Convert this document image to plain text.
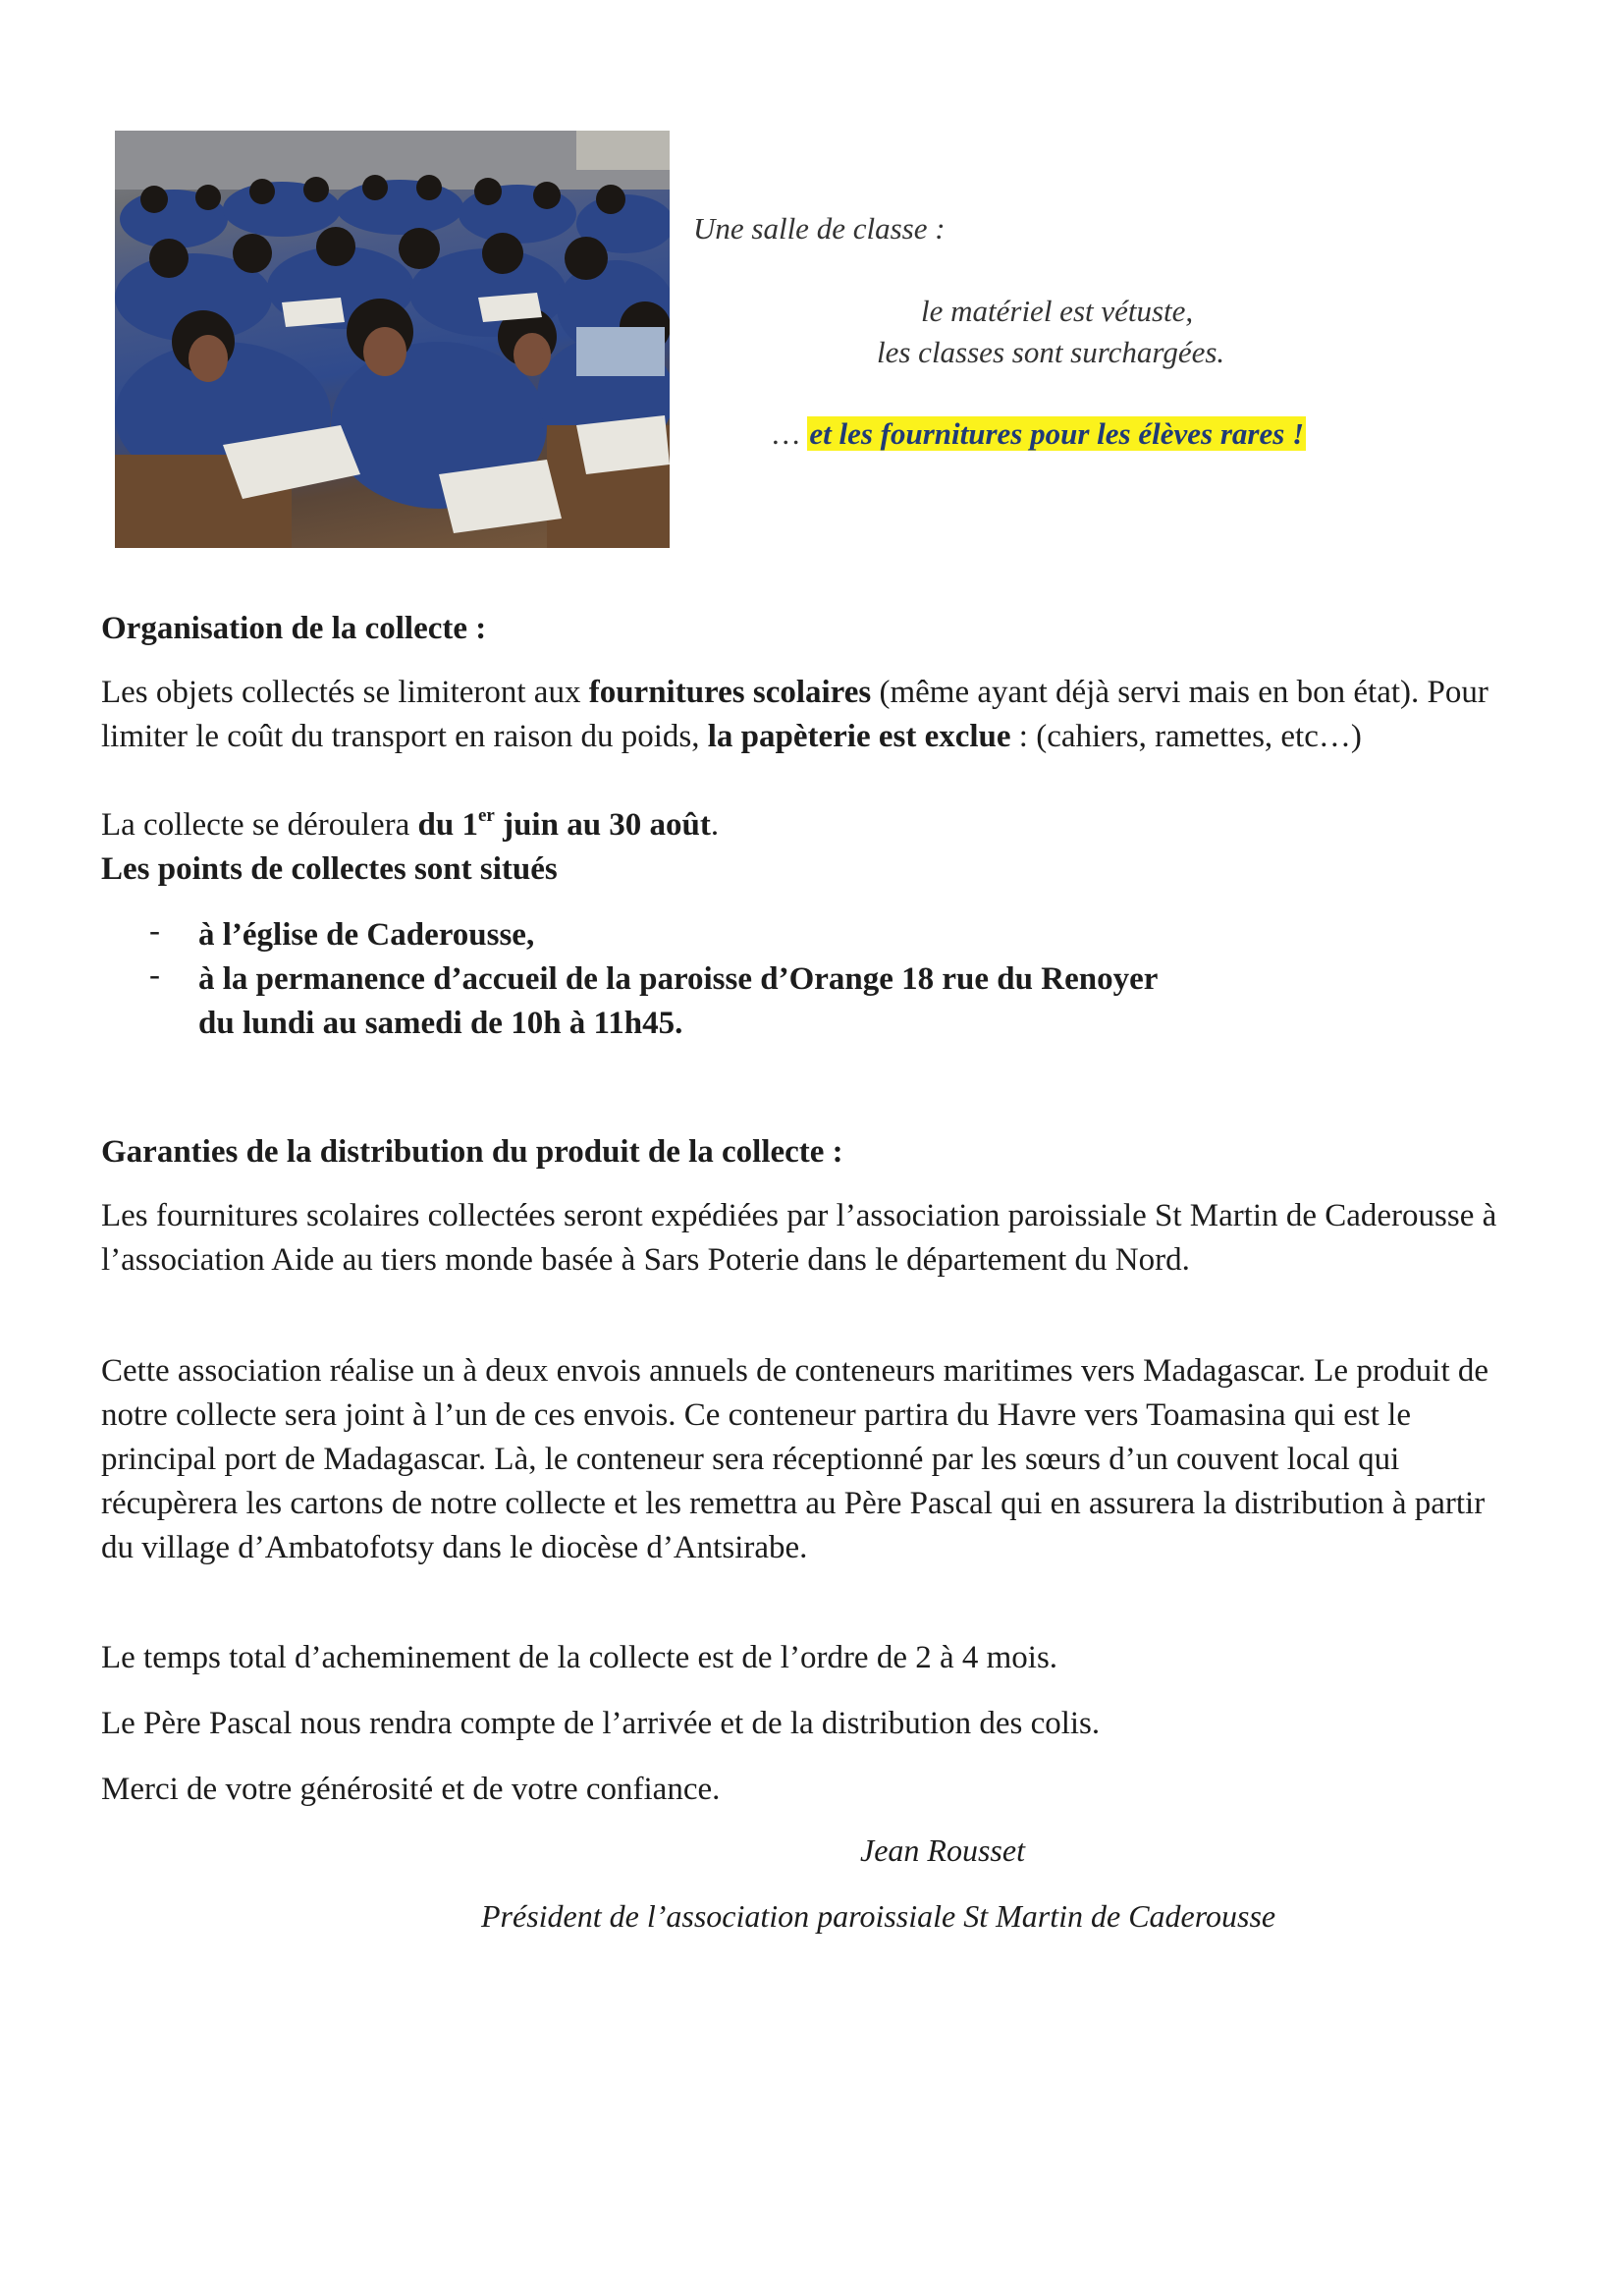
Une salle de classe :
le matériel est vétuste,
les classes sont surchargées.
… et les fournitures pour les élèves rares !
Organisation de la collecte :
Les objets collectés se limiteront aux fournitures scolaires (même ayant déjà servi mais en bon état). Pour limiter le coût du transport en raison du poids, la papèterie est exclue : (cahiers, ramettes, etc…)
La collecte se déroulera du 1er juin au 30 août.
Les points de collectes sont situés
- à l’église de Caderousse,
- à la permanence d’accueil de la paroisse d’Orange 18 rue du Renoyer
du lundi au samedi de 10h à 11h45.
Garanties de la distribution du produit de la collecte :
Les fournitures scolaires collectées seront expédiées par l’association paroissiale St Martin de Caderousse à l’association Aide au tiers monde basée à Sars Poterie dans le département du Nord.
Cette association réalise un à deux envois annuels de conteneurs maritimes vers Madagascar. Le produit de notre collecte sera joint à l’un de ces envois. Ce conteneur partira du Havre vers Toamasina qui est le principal port de Madagascar. Là, le conteneur sera réceptionné par les sœurs d’un couvent local qui récupèrera les cartons de notre collecte et les remettra au Père Pascal qui en assurera la distribution à partir du village d’Ambatofotsy dans le diocèse d’Antsirabe.
Le temps total d’acheminement de la collecte est de l’ordre de 2 à 4 mois.
Le Père Pascal nous rendra compte de l’arrivée et de la distribution des colis.
Merci de votre générosité et de votre confiance.
Jean Rousset
Président de l’association paroissiale St Martin de Caderousse
